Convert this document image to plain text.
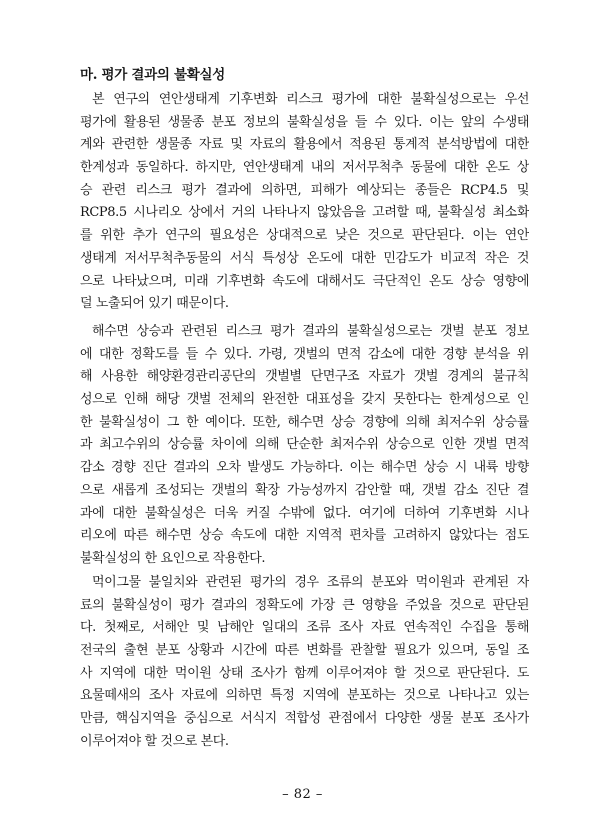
마. 평가 결과의 불확실성
본 연구의 연안생태계 기후변화 리스크 평가에 대한 불확실성으로는 우선
평가에 활용된 생물종 분포 정보의 불확실성을 들 수 있다. 이는 앞의 수생태
계와 관련한 생물종 자료 및 자료의 활용에서 적용된 통계적 분석방법에 대한
한계성과 동일하다. 하지만, 연안생태계 내의 저서무척추 동물에 대한 온도 상
승 관련 리스크 평가 결과에 의하면, 피해가 예상되는 종들은 RCP4.5 및
RCP8.5 시나리오 상에서 거의 나타나지 않았음을 고려할 때, 불확실성 최소화
를 위한 추가 연구의 필요성은 상대적으로 낮은 것으로 판단된다. 이는 연안
생태계 저서무척추동물의 서식 특성상 온도에 대한 민감도가 비교적 작은 것
으로 나타났으며, 미래 기후변화 속도에 대해서도 극단적인 온도 상승 영향에
덜 노출되어 있기 때문이다.
해수면 상승과 관련된 리스크 평가 결과의 불확실성으로는 갯벌 분포 정보
에 대한 정확도를 들 수 있다. 가령, 갯벌의 면적 감소에 대한 경향 분석을 위
해 사용한 해양환경관리공단의 갯벌별 단면구조 자료가 갯벌 경계의 불규칙
성으로 인해 해당 갯벌 전체의 완전한 대표성을 갖지 못한다는 한계성으로 인
한 불확실성이 그 한 예이다. 또한, 해수면 상승 경향에 의해 최저수위 상승률
과 최고수위의 상승률 차이에 의해 단순한 최저수위 상승으로 인한 갯벌 면적
감소 경향 진단 결과의 오차 발생도 가능하다. 이는 해수면 상승 시 내륙 방향
으로 새롭게 조성되는 갯벌의 확장 가능성까지 감안할 때, 갯벌 감소 진단 결
과에 대한 불확실성은 더욱 커질 수밖에 없다. 여기에 더하여 기후변화 시나
리오에 따른 해수면 상승 속도에 대한 지역적 편차를 고려하지 않았다는 점도
불확실성의 한 요인으로 작용한다.
먹이그물 불일치와 관련된 평가의 경우 조류의 분포와 먹이원과 관계된 자
료의 불확실성이 평가 결과의 정확도에 가장 큰 영향을 주었을 것으로 판단된
다. 첫째로, 서해안 및 남해안 일대의 조류 조사 자료 연속적인 수집을 통해
전국의 출현 분포 상황과 시간에 따른 변화를 관찰할 필요가 있으며, 동일 조
사 지역에 대한 먹이원 상태 조사가 함께 이루어져야 할 것으로 판단된다. 도
요물떼새의 조사 자료에 의하면 특정 지역에 분포하는 것으로 나타나고 있는
만큼, 핵심지역을 중심으로 서식지 적합성 관점에서 다양한 생물 분포 조사가
이루어져야 할 것으로 본다.
– 82 –
